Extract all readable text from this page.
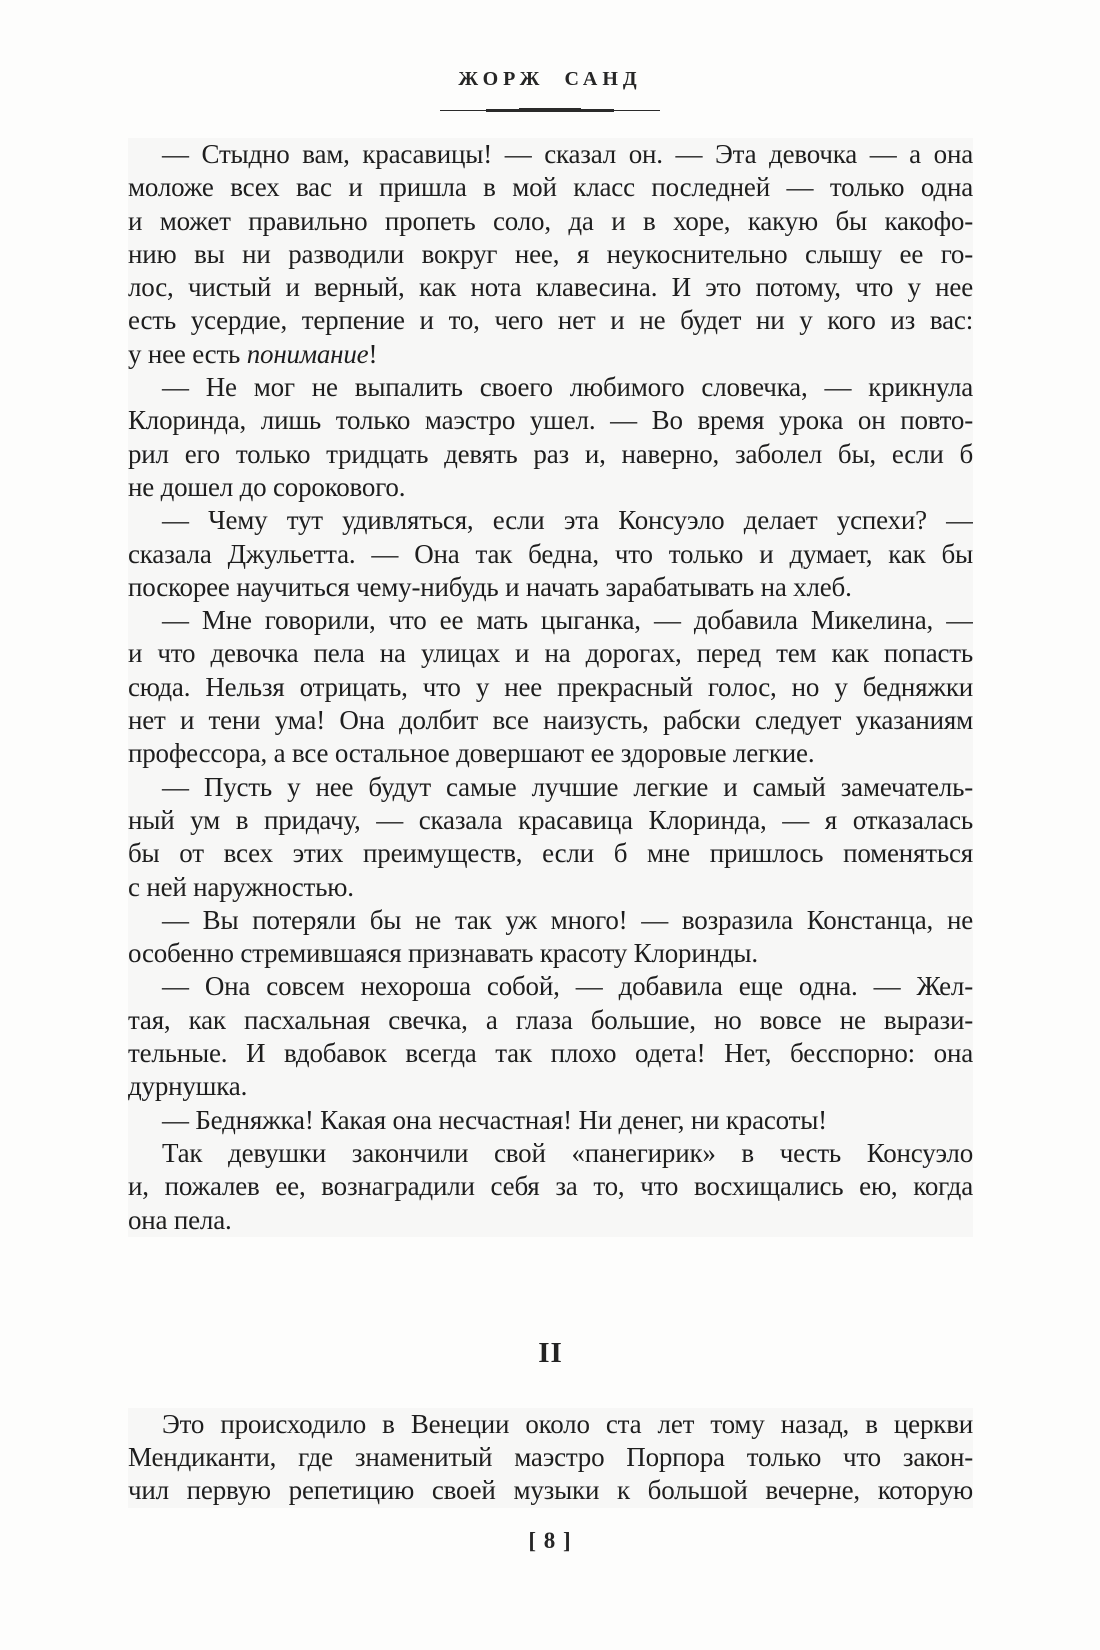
ЖОРЖ САНД
— Стыдно вам, красавицы! — сказал он. — Эта девочка — а она
моложе всех вас и пришла в мой класс последней — только одна
и может правильно пропеть соло, да и в хоре, какую бы какофо-
нию вы ни разводили вокруг нее, я неукоснительно слышу ее го-
лос, чистый и верный, как нота клавесина. И это потому, что у нее
есть усердие, терпение и то, чего нет и не будет ни у кого из вас:
у нее есть понимание!
— Не мог не выпалить своего любимого словечка, — крикнула
Клоринда, лишь только маэстро ушел. — Во время урока он повто-
рил его только тридцать девять раз и, наверно, заболел бы, если б
не дошел до сорокового.
— Чему тут удивляться, если эта Консуэло делает успехи? —
сказала Джульетта. — Она так бедна, что только и думает, как бы
поскорее научиться чему-нибудь и начать зарабатывать на хлеб.
— Мне говорили, что ее мать цыганка, — добавила Микелина, —
и что девочка пела на улицах и на дорогах, перед тем как попасть
сюда. Нельзя отрицать, что у нее прекрасный голос, но у бедняжки
нет и тени ума! Она долбит все наизусть, рабски следует указаниям
профессора, а все остальное довершают ее здоровые легкие.
— Пусть у нее будут самые лучшие легкие и самый замечатель-
ный ум в придачу, — сказала красавица Клоринда, — я отказалась
бы от всех этих преимуществ, если б мне пришлось поменяться
с ней наружностью.
— Вы потеряли бы не так уж много! — возразила Констанца, не
особенно стремившаяся признавать красоту Клоринды.
— Она совсем нехороша собой, — добавила еще одна. — Жел-
тая, как пасхальная свечка, а глаза большие, но вовсе не вырази-
тельные. И вдобавок всегда так плохо одета! Нет, бесспорно: она
дурнушка.
— Бедняжка! Какая она несчастная! Ни денег, ни красоты!
Так девушки закончили свой «панегирик» в честь Консуэло
и, пожалев ее, вознаградили себя за то, что восхищались ею, когда
она пела.
II
Это происходило в Венеции около ста лет тому назад, в церкви
Мендиканти, где знаменитый маэстро Порпора только что закон-
чил первую репетицию своей музыки к большой вечерне, которую
[ 8 ]
